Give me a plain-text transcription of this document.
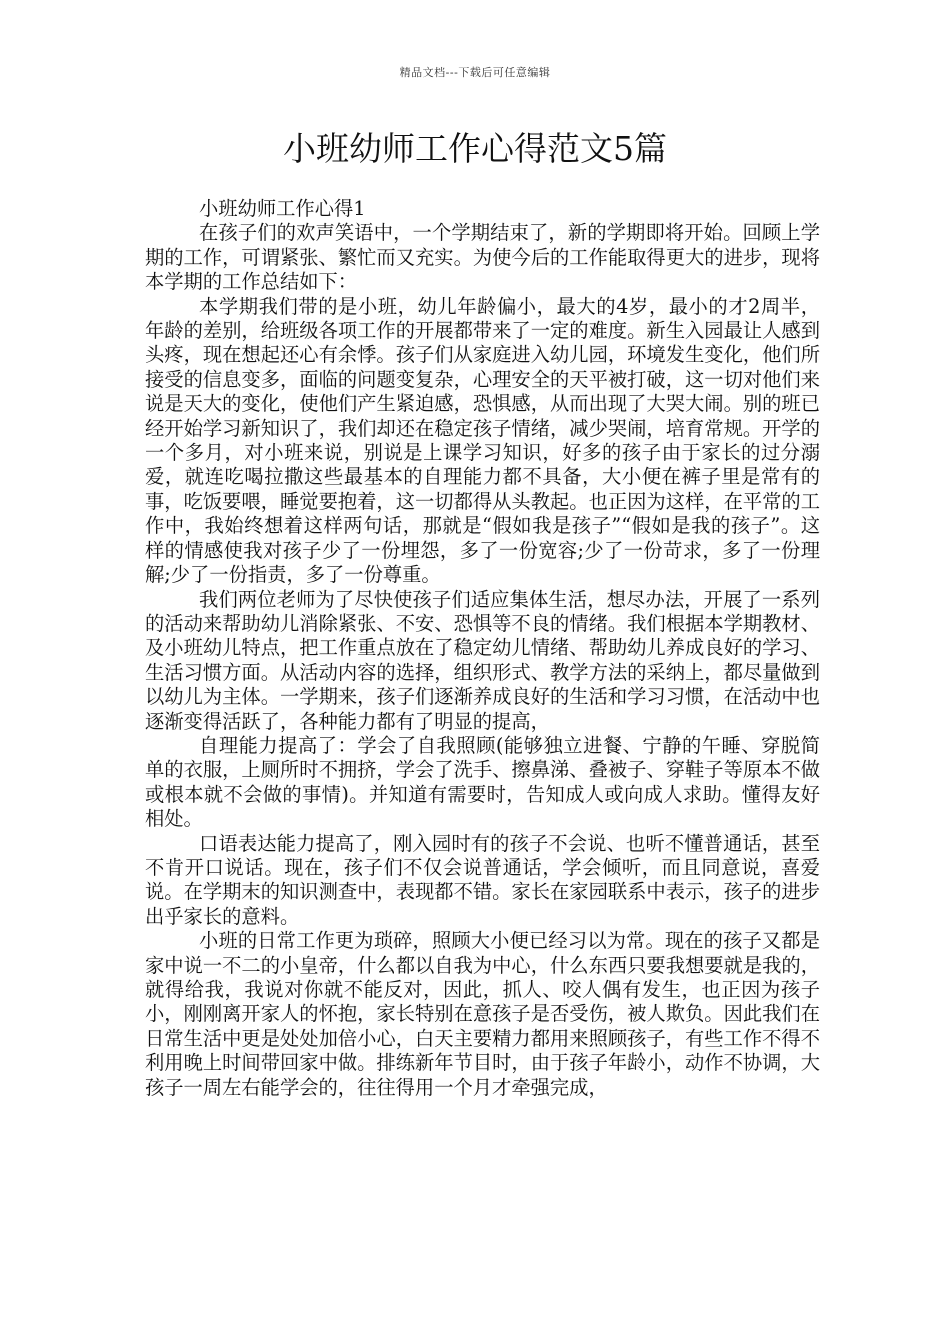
精品文档---下载后可任意编辑
小班幼师工作心得范文5篇

小班幼师工作心得1

在孩子们的欢声笑语中，一个学期结束了，新的学期即将开始。回顾上学期的工作，可谓紧张、繁忙而又充实。为使今后的工作能取得更大的进步，现将本学期的工作总结如下：

本学期我们带的是小班，幼儿年龄偏小，最大的4岁，最小的才2周半，年龄的差别，给班级各项工作的开展都带来了一定的难度。新生入园最让人感到头疼，现在想起还心有余悸。孩子们从家庭进入幼儿园，环境发生变化，他们所接受的信息变多，面临的问题变复杂，心理安全的天平被打破，这一切对他们来说是天大的变化，使他们产生紧迫感，恐惧感，从而出现了大哭大闹。别的班已经开始学习新知识了，我们却还在稳定孩子情绪，减少哭闹，培育常规。开学的一个多月，对小班来说，别说是上课学习知识，好多的孩子由于家长的过分溺爱，就连吃喝拉撒这些最基本的自理能力都不具备，大小便在裤子里是常有的事，吃饭要喂，睡觉要抱着，这一切都得从头教起。也正因为这样，在平常的工作中，我始终想着这样两句话，那就是“假如我是孩子”“假如是我的孩子”。这样的情感使我对孩子少了一份埋怨，多了一份宽容;少了一份苛求，多了一份理解;少了一份指责，多了一份尊重。

我们两位老师为了尽快使孩子们适应集体生活，想尽办法，开展了一系列的活动来帮助幼儿消除紧张、不安、恐惧等不良的情绪。我们根据本学期教材、及小班幼儿特点，把工作重点放在了稳定幼儿情绪、帮助幼儿养成良好的学习、生活习惯方面。从活动内容的选择，组织形式、教学方法的采纳上，都尽量做到以幼儿为主体。一学期来，孩子们逐渐养成良好的生活和学习习惯，在活动中也逐渐变得活跃了，各种能力都有了明显的提高，

自理能力提高了：学会了自我照顾(能够独立进餐、宁静的午睡、穿脱简单的衣服，上厕所时不拥挤，学会了洗手、擦鼻涕、叠被子、穿鞋子等原本不做或根本就不会做的事情)。并知道有需要时，告知成人或向成人求助。懂得友好相处。

口语表达能力提高了，刚入园时有的孩子不会说、也听不懂普通话，甚至不肯开口说话。现在，孩子们不仅会说普通话，学会倾听，而且同意说，喜爱说。在学期末的知识测查中，表现都不错。家长在家园联系中表示，孩子的进步出乎家长的意料。

小班的日常工作更为琐碎，照顾大小便已经习以为常。现在的孩子又都是家中说一不二的小皇帝，什么都以自我为中心，什么东西只要我想要就是我的，就得给我，我说对你就不能反对，因此，抓人、咬人偶有发生，也正因为孩子小，刚刚离开家人的怀抱，家长特别在意孩子是否受伤，被人欺负。因此我们在日常生活中更是处处加倍小心，白天主要精力都用来照顾孩子，有些工作不得不利用晚上时间带回家中做。排练新年节目时，由于孩子年龄小，动作不协调，大孩子一周左右能学会的，往往得用一个月才牵强完成，
